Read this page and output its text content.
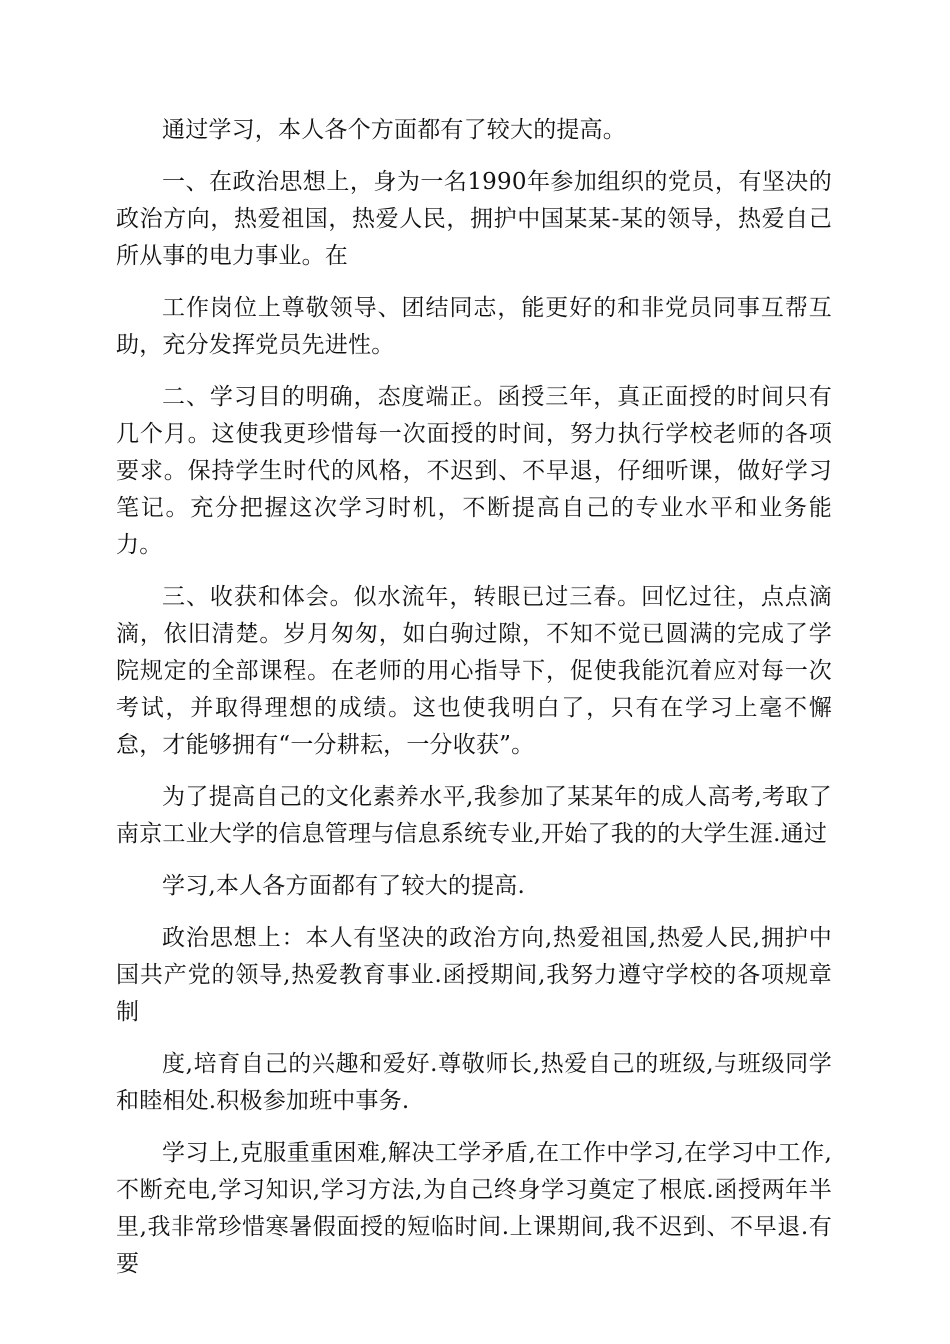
通过学习，本人各个方面都有了较大的提高。

一、在政治思想上，身为一名1990年参加组织的党员，有坚决的政治方向，热爱祖国，热爱人民，拥护中国某某-某的领导，热爱自己所从事的电力事业。在

工作岗位上尊敬领导、团结同志，能更好的和非党员同事互帮互助，充分发挥党员先进性。

二、学习目的明确，态度端正。函授三年，真正面授的时间只有几个月。这使我更珍惜每一次面授的时间，努力执行学校老师的各项要求。保持学生时代的风格，不迟到、不早退，仔细听课，做好学习笔记。充分把握这次学习时机，不断提高自己的专业水平和业务能力。

三、收获和体会。似水流年，转眼已过三春。回忆过往，点点滴滴，依旧清楚。岁月匆匆，如白驹过隙，不知不觉已圆满的完成了学院规定的全部课程。在老师的用心指导下，促使我能沉着应对每一次考试，并取得理想的成绩。这也使我明白了，只有在学习上毫不懈怠，才能够拥有“一分耕耘，一分收获”。

为了提高自己的文化素养水平,我参加了某某年的成人高考,考取了南京工业大学的信息管理与信息系统专业,开始了我的的大学生涯.通过

学习,本人各方面都有了较大的提高.

政治思想上：本人有坚决的政治方向,热爱祖国,热爱人民,拥护中国共产党的领导,热爱教育事业.函授期间,我努力遵守学校的各项规章制

度,培育自己的兴趣和爱好.尊敬师长,热爱自己的班级,与班级同学和睦相处.积极参加班中事务.

学习上,克服重重困难,解决工学矛盾,在工作中学习,在学习中工作,不断充电,学习知识,学习方法,为自己终身学习奠定了根底.函授两年半里,我非常珍惜寒暑假面授的短临时间.上课期间,我不迟到、不早退.有要
